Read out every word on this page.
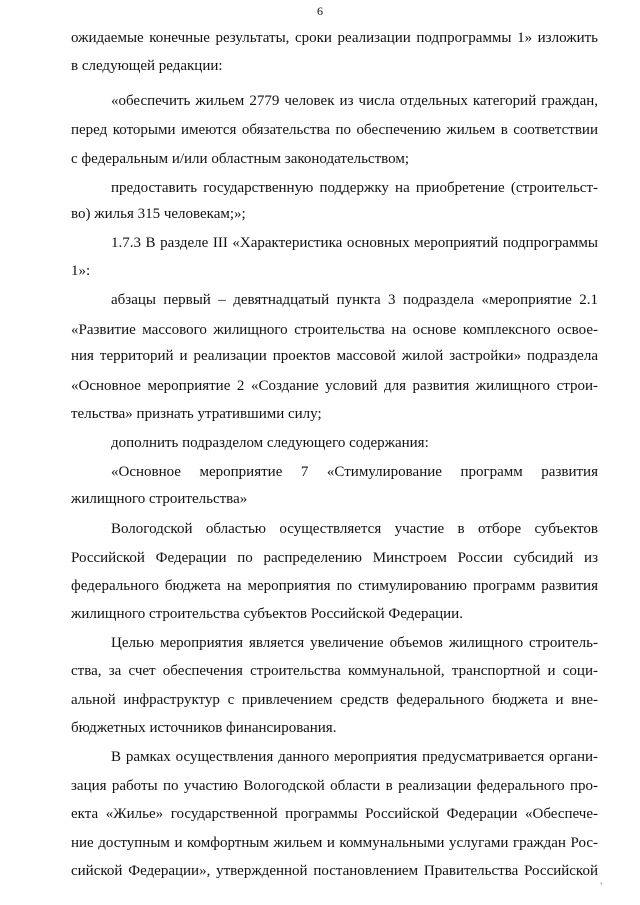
6
ожидаемые конечные результаты, сроки реализации подпрограммы 1» изложить
в следующей редакции:
«обеспечить жильем 2779 человек из числа отдельных категорий граждан,
перед которыми имеются обязательства по обеспечению жильем в соответствии
с федеральным и/или областным законодательством;
предоставить государственную поддержку на приобретение (строительст-
во) жилья 315 человекам;»;
1.7.3 В разделе III «Характеристика основных мероприятий подпрограммы
1»:
абзацы первый – девятнадцатый пункта 3 подраздела «мероприятие 2.1
«Развитие массового жилищного строительства на основе комплексного освое-
ния территорий и реализации проектов массовой жилой застройки» подраздела
«Основное мероприятие 2 «Создание условий для развития жилищного строи-
тельства» признать утратившими силу;
дополнить подразделом следующего содержания:
«Основное мероприятие 7 «Стимулирование программ развития
жилищного строительства»
Вологодской областью осуществляется участие в отборе субъектов
Российской Федерации по распределению Минстроем России субсидий из
федерального бюджета на мероприятия по стимулированию программ развития
жилищного строительства субъектов Российской Федерации.
Целью мероприятия является увеличение объемов жилищного строитель-
ства, за счет обеспечения строительства коммунальной, транспортной и соци-
альной инфраструктур с привлечением средств федерального бюджета и вне-
бюджетных источников финансирования.
В рамках осуществления данного мероприятия предусматривается органи-
зация работы по участию Вологодской области в реализации федерального про-
екта «Жилье» государственной программы Российской Федерации «Обеспече-
ние доступным и комфортным жильем и коммунальными услугами граждан Рос-
сийской Федерации», утвержденной постановлением Правительства Российской
'
